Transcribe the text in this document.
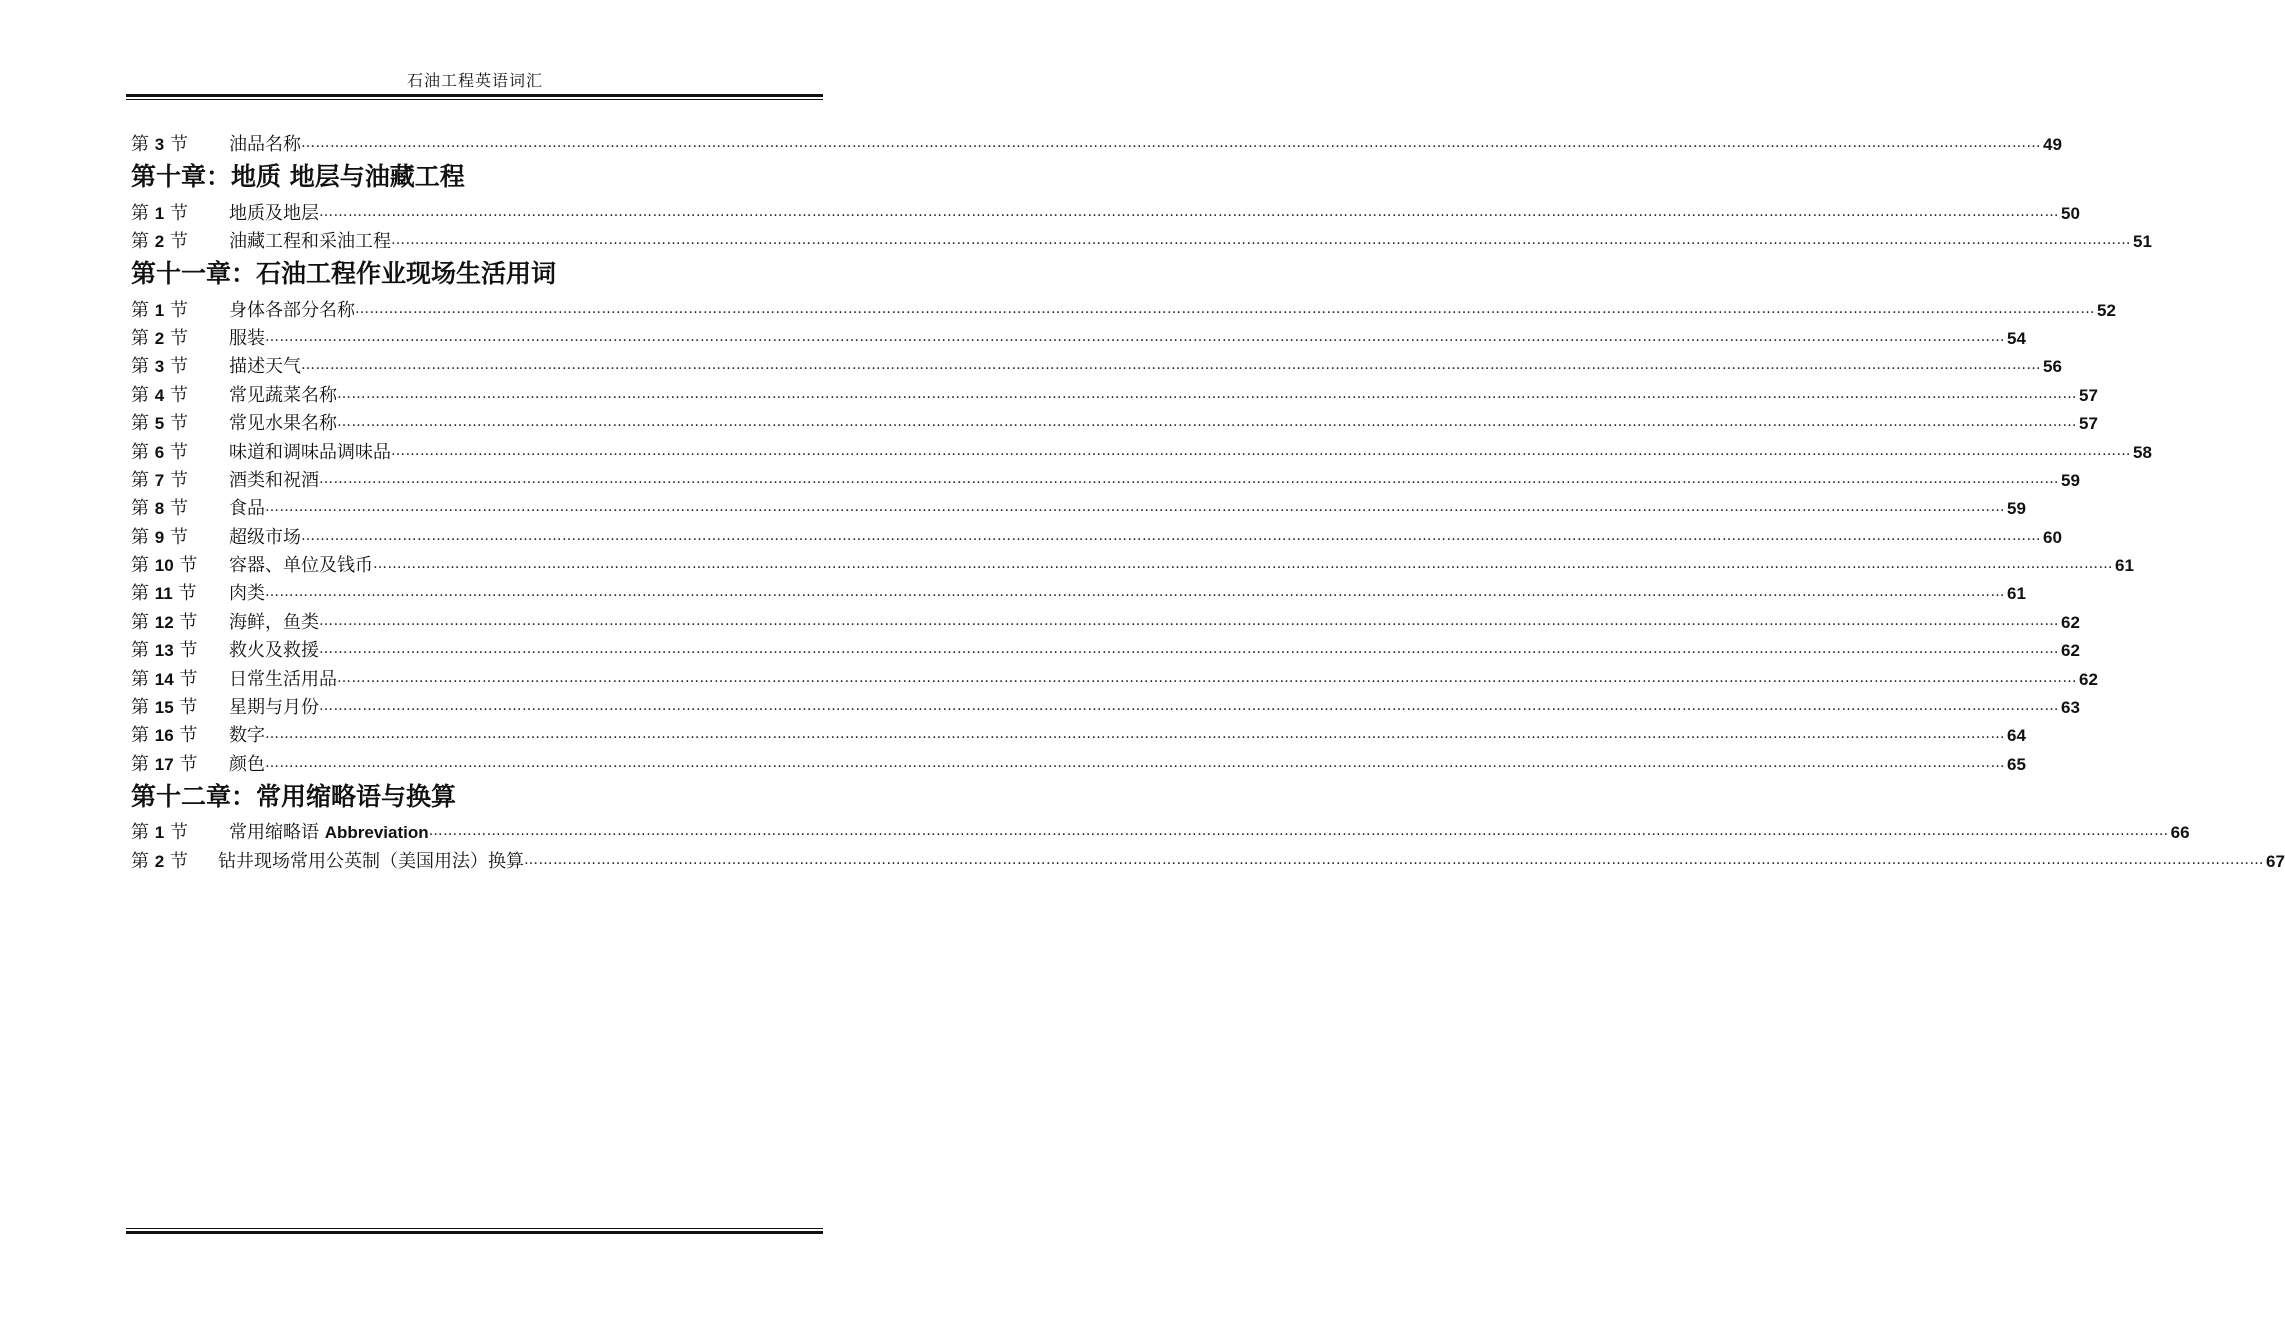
石油工程英语词汇
第 3 节	油品名称 ……………………………………………………………………………………………………………………………………………………………………………………………………………………………………………………………………………………………………………………………… 49
第十章：地质 地层与油藏工程
第 1 节	地质及地层 ……………………………………………………………………………………………………………………………………………………………………………………………………………………………………………………………………………………………………………………………… 50
第 2 节	油藏工程和采油工程 ……………………………………………………………………………………………………………………………………………………………………………………………………………………………………………………………………………………………………………………………… 51
第十一章：石油工程作业现场生活用词
第 1 节	身体各部分名称 ……………………………………………………………………………………………………………………………………………………………………………………………………………………………………………………………………………………………………………………………… 52
第 2 节	服装 ……………………………………………………………………………………………………………………………………………………………………………………………………………………………………………………………………………………………………………………………… 54
第 3 节	描述天气 ……………………………………………………………………………………………………………………………………………………………………………………………………………………………………………………………………………………………………………………………… 56
第 4 节	常见蔬菜名称 ……………………………………………………………………………………………………………………………………………………………………………………………………………………………………………………………………………………………………………………………… 57
第 5 节	常见水果名称 ……………………………………………………………………………………………………………………………………………………………………………………………………………………………………………………………………………………………………………………………… 57
第 6 节	味道和调味品调味品 ……………………………………………………………………………………………………………………………………………………………………………………………………………………………………………………………………………………………………………………………… 58
第 7 节	酒类和祝酒 ……………………………………………………………………………………………………………………………………………………………………………………………………………………………………………………………………………………………………………………………… 59
第 8 节	食品 ……………………………………………………………………………………………………………………………………………………………………………………………………………………………………………………………………………………………………………………………… 59
第 9 节	超级市场 ……………………………………………………………………………………………………………………………………………………………………………………………………………………………………………………………………………………………………………………………… 60
第 10 节	容器、单位及钱币 ……………………………………………………………………………………………………………………………………………………………………………………………………………………………………………………………………………………………………………………………… 61
第 11 节	肉类 ……………………………………………………………………………………………………………………………………………………………………………………………………………………………………………………………………………………………………………………………… 61
第 12 节	海鲜，鱼类 ……………………………………………………………………………………………………………………………………………………………………………………………………………………………………………………………………………………………………………………………… 62
第 13 节	救火及救援 ……………………………………………………………………………………………………………………………………………………………………………………………………………………………………………………………………………………………………………………………… 62
第 14 节	日常生活用品 ……………………………………………………………………………………………………………………………………………………………………………………………………………………………………………………………………………………………………………………………… 62
第 15 节	星期与月份 ……………………………………………………………………………………………………………………………………………………………………………………………………………………………………………………………………………………………………………………………… 63
第 16 节	数字 ……………………………………………………………………………………………………………………………………………………………………………………………………………………………………………………………………………………………………………………………… 64
第 17 节	颜色 ……………………………………………………………………………………………………………………………………………………………………………………………………………………………………………………………………………………………………………………………… 65
第十二章：常用缩略语与换算
第 1 节	常用缩略语 Abbreviation ……………………………………………………………………………………………………………………………………………………………………………………………………………………………………………………………………………………………………………………………… 66
第 2 节	钻井现场常用公英制（美国用法）换算 ……………………………………………………………………………………………………………………………………………………………………………………………………………………………………………………………………………………………………………………………… 67
